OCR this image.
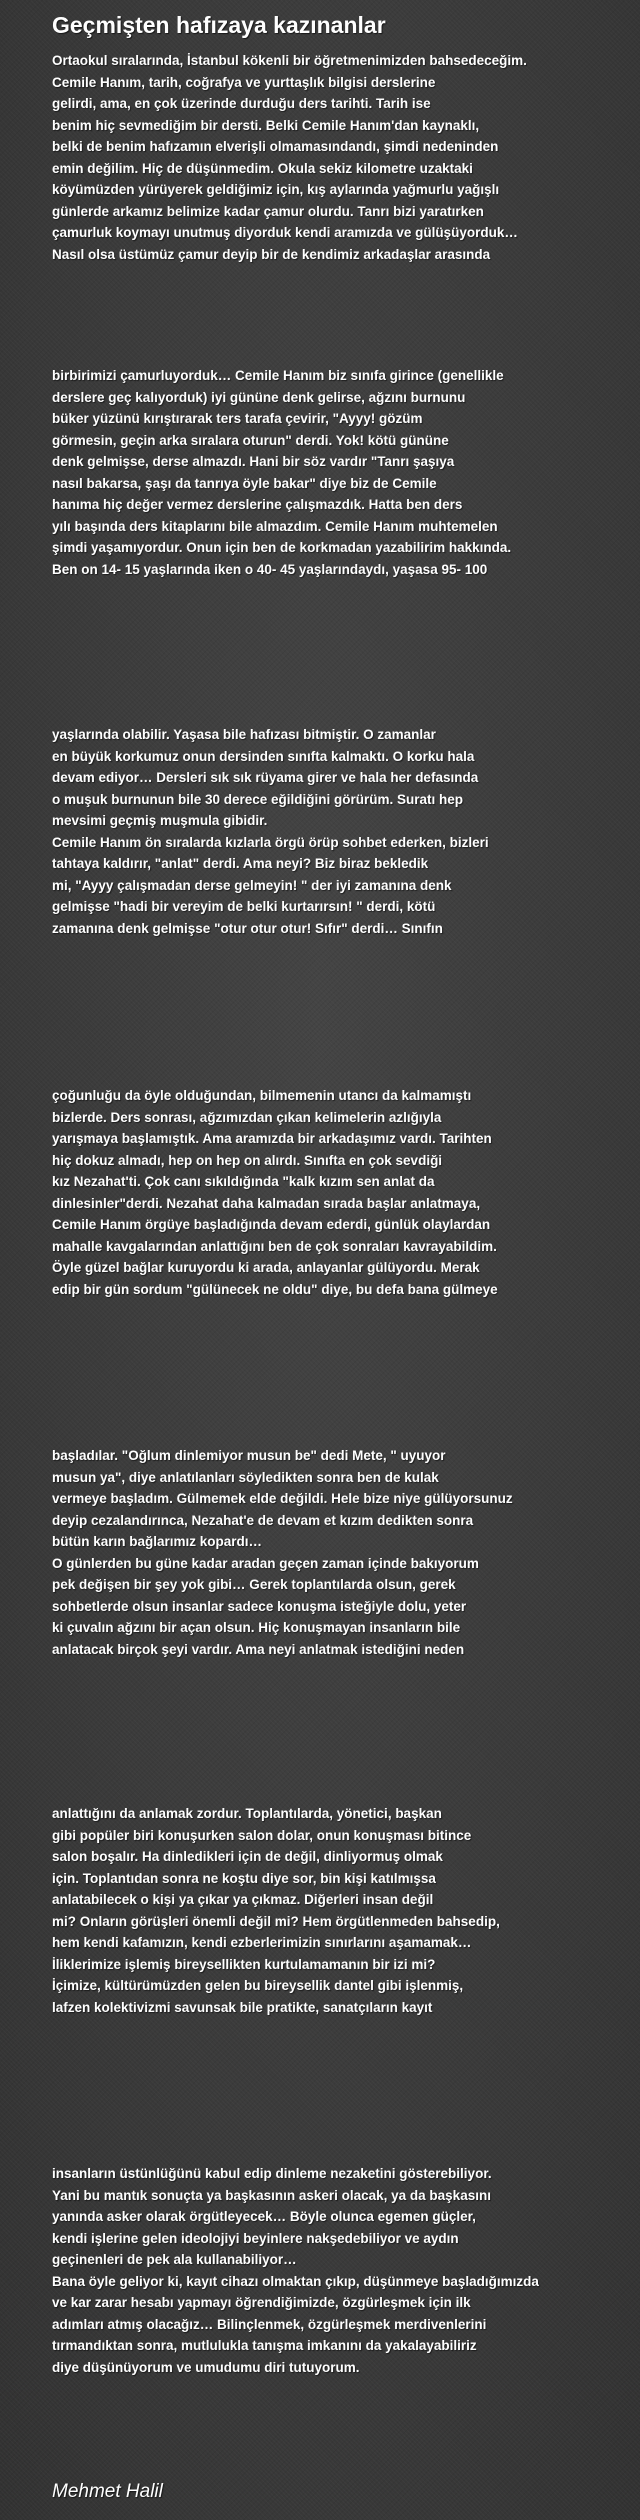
Geçmişten hafızaya kazınanlar
Ortaokul sıralarında, İstanbul kökenli bir öğretmenimizden bahsedeceğim.
Cemile Hanım, tarih, coğrafya ve yurttaşlık bilgisi derslerine
gelirdi, ama, en çok üzerinde durduğu ders tarihti. Tarih ise
benim hiç sevmediğim bir dersti. Belki Cemile Hanım'dan kaynaklı,
belki de benim hafızamın elverişli olmamasındandı, şimdi nedeninden
emin değilim. Hiç de düşünmedim. Okula sekiz kilometre uzaktaki
köyümüzden yürüyerek geldiğimiz için, kış aylarında yağmurlu yağışlı
günlerde arkamız belimize kadar çamur olurdu. Tanrı bizi yaratırken
çamurluk koymayı unutmuş diyorduk kendi aramızda ve gülüşüyorduk…
Nasıl olsa üstümüz çamur deyip bir de kendimiz arkadaşlar arasında
birbirimizi çamurluyorduk… Cemile Hanım biz sınıfa girince (genellikle
derslere geç kalıyorduk) iyi gününe denk gelirse, ağzını burnunu
büker yüzünü kırıştırarak ters tarafa çevirir, "Ayyy! gözüm
görmesin, geçin arka sıralara oturun" derdi. Yok! kötü gününe
denk gelmişse, derse almazdı. Hani bir söz vardır "Tanrı şaşıya
nasıl bakarsa, şaşı da tanrıya öyle bakar" diye biz de Cemile
hanıma hiç değer vermez derslerine çalışmazdık. Hatta ben ders
yılı başında ders kitaplarını bile almazdım. Cemile Hanım muhtemelen
şimdi yaşamıyordur. Onun için ben de korkmadan yazabilirim hakkında.
Ben on 14- 15 yaşlarında iken o 40- 45 yaşlarındaydı, yaşasa 95- 100
yaşlarında olabilir. Yaşasa bile hafızası bitmiştir. O zamanlar
en büyük korkumuz onun dersinden sınıfta kalmaktı. O korku hala
devam ediyor… Dersleri sık sık rüyama girer ve hala her defasında
o muşuk burnunun bile 30 derece eğildiğini görürüm. Suratı hep
mevsimi geçmiş muşmula gibidir.
Cemile Hanım ön sıralarda kızlarla örgü örüp sohbet ederken, bizleri
tahtaya kaldırır, "anlat" derdi. Ama neyi? Biz biraz bekledik
mi, "Ayyy çalışmadan derse gelmeyin! " der iyi zamanına denk
gelmişse "hadi bir vereyim de belki kurtarırsın! " derdi, kötü
zamanına denk gelmişse "otur otur otur! Sıfır" derdi… Sınıfın
çoğunluğu da öyle olduğundan, bilmemenin utancı da kalmamıştı
bizlerde. Ders sonrası, ağzımızdan çıkan kelimelerin azlığıyla
yarışmaya başlamıştık. Ama aramızda bir arkadaşımız vardı. Tarihten
hiç dokuz almadı, hep on hep on alırdı. Sınıfta en çok sevdiği
kız Nezahat'ti. Çok canı sıkıldığında "kalk kızım sen anlat da
dinlesinler"derdi. Nezahat daha kalmadan sırada başlar anlatmaya,
Cemile Hanım örgüye başladığında devam ederdi, günlük olaylardan
mahalle kavgalarından anlattığını ben de çok sonraları kavrayabildim.
Öyle güzel bağlar kuruyordu ki arada, anlayanlar gülüyordu. Merak
edip bir gün sordum "gülünecek ne oldu" diye, bu defa bana gülmeye
başladılar. "Oğlum dinlemiyor musun be" dedi Mete, " uyuyor
musun ya", diye anlatılanları söyledikten sonra ben de kulak
vermeye başladım. Gülmemek elde değildi. Hele bize niye gülüyorsunuz
deyip cezalandırınca, Nezahat'e de devam et kızım dedikten sonra
bütün karın bağlarımız kopardı…
O günlerden bu güne kadar aradan geçen zaman içinde bakıyorum
pek değişen bir şey yok gibi… Gerek toplantılarda olsun, gerek
sohbetlerde olsun insanlar sadece konuşma isteğiyle dolu, yeter
ki çuvalın ağzını bir açan olsun. Hiç konuşmayan insanların bile
anlatacak birçok şeyi vardır. Ama neyi anlatmak istediğini neden
anlattığını da anlamak zordur. Toplantılarda, yönetici, başkan
gibi popüler biri konuşurken salon dolar, onun konuşması bitince
salon boşalır. Ha dinledikleri için de değil, dinliyormuş olmak
için. Toplantıdan sonra ne koştu diye sor, bin kişi katılmışsa
anlatabilecek o kişi ya çıkar ya çıkmaz. Diğerleri insan değil
mi? Onların görüşleri önemli değil mi? Hem örgütlenmeden bahsedip,
hem kendi kafamızın, kendi ezberlerimizin sınırlarını aşamamak…
İliklerimize işlemiş bireysellikten kurtulamamanın bir izi mi?
İçimize, kültürümüzden gelen bu bireysellik dantel gibi işlenmiş,
lafzen kolektivizmi savunsak bile pratikte, sanatçıların kayıt
insanların üstünlüğünü kabul edip dinleme nezaketini gösterebiliyor.
Yani bu mantık sonuçta ya başkasının askeri olacak, ya da başkasını
yanında asker olarak örgütleyecek… Böyle olunca egemen güçler,
kendi işlerine gelen ideolojiyi beyinlere nakşedebiliyor ve aydın
geçinenleri de pek ala kullanabiliyor…
Bana öyle geliyor ki, kayıt cihazı olmaktan çıkıp, düşünmeye başladığımızda
ve kar zarar hesabı yapmayı öğrendiğimizde, özgürleşmek için ilk
adımları atmış olacağız… Bilinçlenmek, özgürleşmek merdivenlerini
tırmandıktan sonra, mutlulukla tanışma imkanını da yakalayabiliriz
diye düşünüyorum ve umudumu diri tutuyorum.

Mehmet Halil
